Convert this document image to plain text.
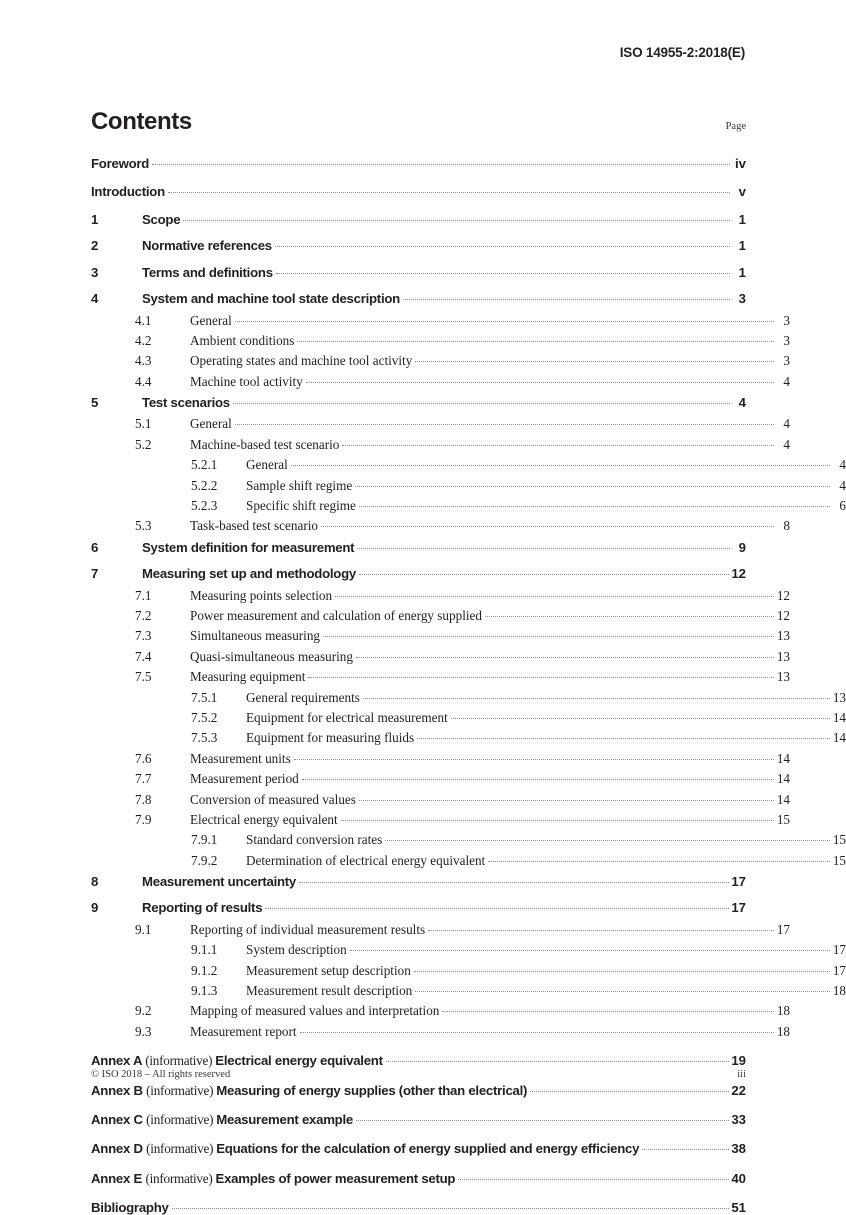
ISO 14955-2:2018(E)
Contents	Page
Foreword	iv
Introduction	v
1	Scope	1
2	Normative references	1
3	Terms and definitions	1
4	System and machine tool state description	3
4.1	General	3
4.2	Ambient conditions	3
4.3	Operating states and machine tool activity	3
4.4	Machine tool activity	4
5	Test scenarios	4
5.1	General	4
5.2	Machine-based test scenario	4
5.2.1	General	4
5.2.2	Sample shift regime	4
5.2.3	Specific shift regime	6
5.3	Task-based test scenario	8
6	System definition for measurement	9
7	Measuring set up and methodology	12
7.1	Measuring points selection	12
7.2	Power measurement and calculation of energy supplied	12
7.3	Simultaneous measuring	13
7.4	Quasi-simultaneous measuring	13
7.5	Measuring equipment	13
7.5.1	General requirements	13
7.5.2	Equipment for electrical measurement	14
7.5.3	Equipment for measuring fluids	14
7.6	Measurement units	14
7.7	Measurement period	14
7.8	Conversion of measured values	14
7.9	Electrical energy equivalent	15
7.9.1	Standard conversion rates	15
7.9.2	Determination of electrical energy equivalent	15
8	Measurement uncertainty	17
9	Reporting of results	17
9.1	Reporting of individual measurement results	17
9.1.1	System description	17
9.1.2	Measurement setup description	17
9.1.3	Measurement result description	18
9.2	Mapping of measured values and interpretation	18
9.3	Measurement report	18
Annex A (informative) Electrical energy equivalent	19
Annex B (informative) Measuring of energy supplies (other than electrical)	22
Annex C (informative) Measurement example	33
Annex D (informative) Equations for the calculation of energy supplied and energy efficiency	38
Annex E (informative) Examples of power measurement setup	40
Bibliography	51
© ISO 2018 – All rights reserved	iii
